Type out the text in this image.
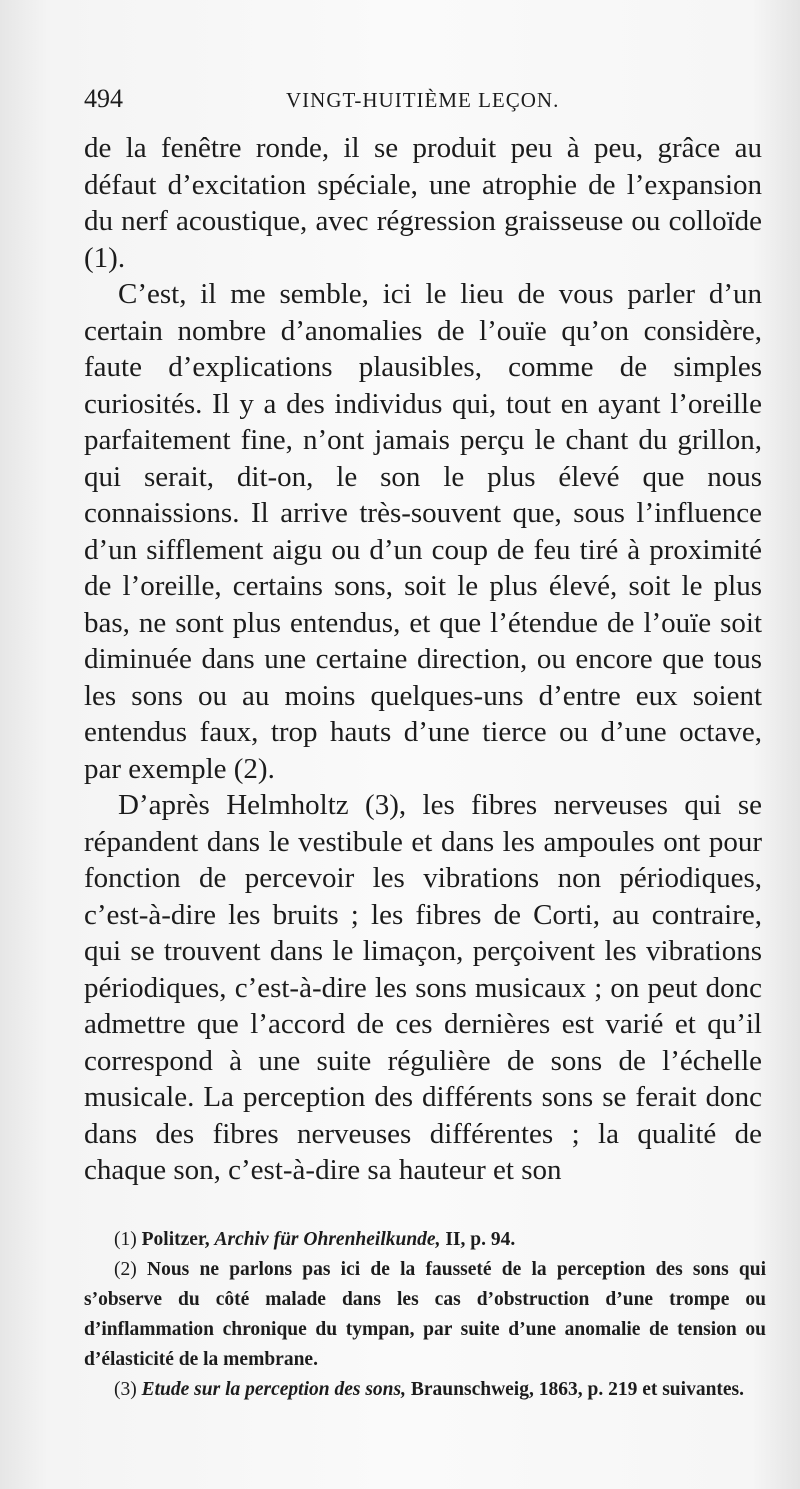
494	VINGT-HUITIÈME LEÇON.

de la fenêtre ronde, il se produit peu à peu, grâce au défaut d’excitation spéciale, une atrophie de l’expansion du nerf acoustique, avec régression graisseuse ou colloïde (1).

C’est, il me semble, ici le lieu de vous parler d’un certain nombre d’anomalies de l’ouïe qu’on considère, faute d’explications plausibles, comme de simples curiosités. Il y a des individus qui, tout en ayant l’oreille parfaitement fine, n’ont jamais perçu le chant du grillon, qui serait, dit-on, le son le plus élevé que nous connaissions. Il arrive très-souvent que, sous l’influence d’un sifflement aigu ou d’un coup de feu tiré à proximité de l’oreille, certains sons, soit le plus élevé, soit le plus bas, ne sont plus entendus, et que l’étendue de l’ouïe soit diminuée dans une certaine direction, ou encore que tous les sons ou au moins quelques-uns d’entre eux soient entendus faux, trop hauts d’une tierce ou d’une octave, par exemple (2).

D’après Helmholtz (3), les fibres nerveuses qui se répandent dans le vestibule et dans les ampoules ont pour fonction de percevoir les vibrations non périodiques, c’est-à-dire les bruits ; les fibres de Corti, au contraire, qui se trouvent dans le limaçon, perçoivent les vibrations périodiques, c’est-à-dire les sons musicaux ; on peut donc admettre que l’accord de ces dernières est varié et qu’il correspond à une suite régulière de sons de l’échelle musicale. La perception des différents sons se ferait donc dans des fibres nerveuses différentes ; la qualité de chaque son, c’est-à-dire sa hauteur et son

(1) Politzer, Archiv für Ohrenheilkunde, II, p. 94.

(2) Nous ne parlons pas ici de la fausseté de la perception des sons qui s’observe du côté malade dans les cas d’obstruction d’une trompe ou d’inflammation chronique du tympan, par suite d’une anomalie de tension ou d’élasticité de la membrane.

(3) Etude sur la perception des sons, Braunschweig, 1863, p. 219 et suivantes.
